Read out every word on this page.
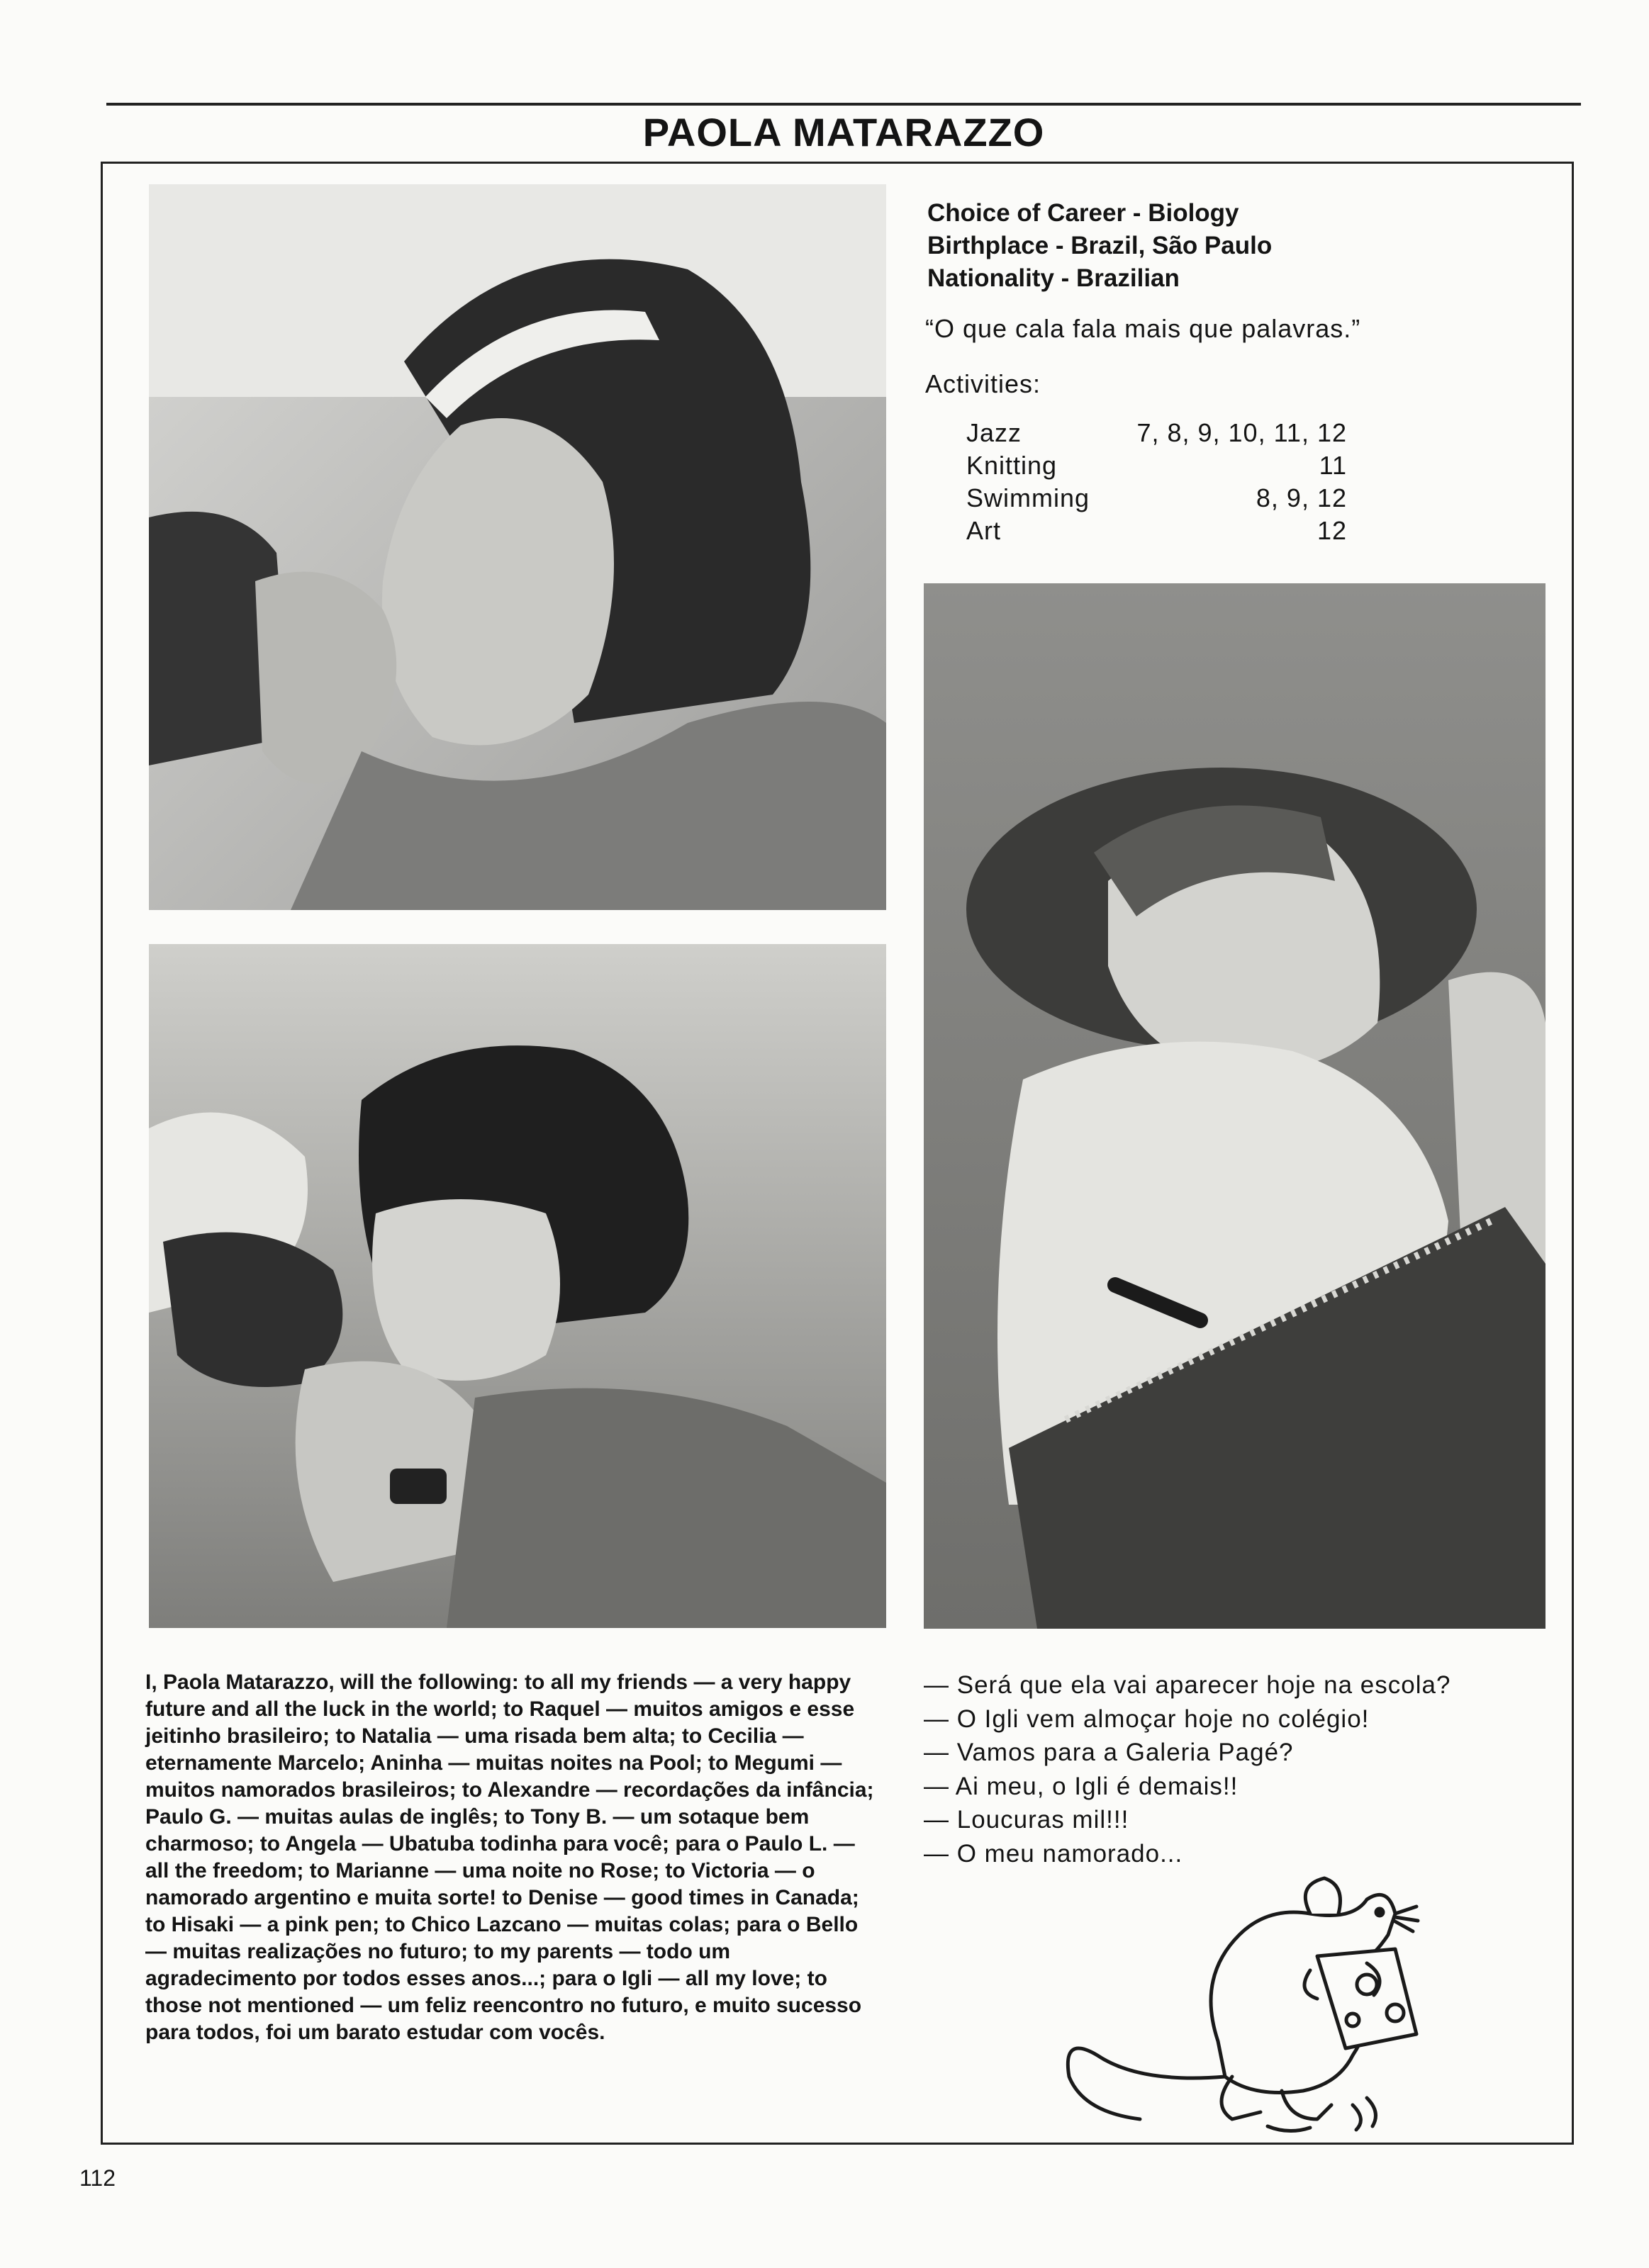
PAOLA MATARAZZO
Choice of Career - Biology
Birthplace - Brazil, São Paulo
Nationality - Brazilian
“O que cala fala mais que palavras.”
Activities:
Jazz	7, 8, 9, 10, 11, 12
Knitting	11
Swimming	8, 9, 12
Art	12
I, Paola Matarazzo, will the following: to all my friends — a very happy future and all the luck in the world; to Raquel — muitos amigos e esse jeitinho brasileiro; to Natalia — uma risada bem alta; to Cecilia — eternamente Marcelo; Aninha — muitas noites na Pool; to Megumi — muitos namorados brasileiros; to Alexandre — recordações da infância; Paulo G. — muitas aulas de inglês; to Tony B. — um sotaque bem charmoso; to Angela — Ubatuba todinha para você; para o Paulo L. — all the freedom; to Marianne — uma noite no Rose; to Victoria — o namorado argentino e muita sorte! to Denise — good times in Canada; to Hisaki — a pink pen; to Chico Lazcano — muitas colas; para o Bello — muitas realizações no futuro; to my parents — todo um agradecimento por todos esses anos...; para o Igli — all my love; to those not mentioned — um feliz reencontro no futuro, e muito sucesso para todos, foi um barato estudar com vocês.
— Será que ela vai aparecer hoje na escola?
— O Igli vem almoçar hoje no colégio!
— Vamos para a Galeria Pagé?
— Ai meu, o Igli é demais!!
— Loucuras mil!!!
— O meu namorado...
112
